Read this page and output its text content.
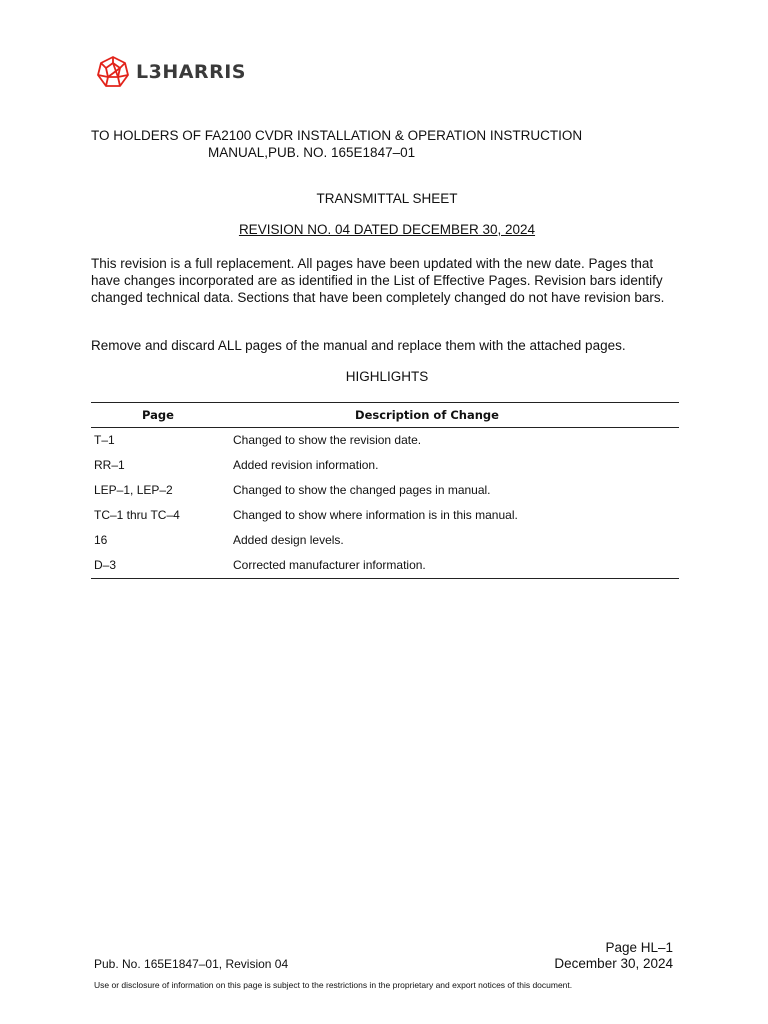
L3HARRIS
TO HOLDERS OF FA2100 CVDR INSTALLATION & OPERATION INSTRUCTION
MANUAL,PUB. NO. 165E1847–01
TRANSMITTAL SHEET
REVISION NO. 04 DATED DECEMBER 30, 2024
This revision is a full replacement. All pages have been updated with the new date. Pages that have changes incorporated are as identified in the List of Effective Pages. Revision bars identify changed technical data. Sections that have been completely changed do not have revision bars.
Remove and discard ALL pages of the manual and replace them with the attached pages.
HIGHLIGHTS
Page	Description of Change
T–1	Changed to show the revision date.
RR–1	Added revision information.
LEP–1, LEP–2	Changed to show the changed pages in manual.
TC–1 thru TC–4	Changed to show where information is in this manual.
16	Added design levels.
D–3	Corrected manufacturer information.
Page HL–1
December 30, 2024
Pub. No. 165E1847–01, Revision 04
Use or disclosure of information on this page is subject to the restrictions in the proprietary and export notices of this document.
